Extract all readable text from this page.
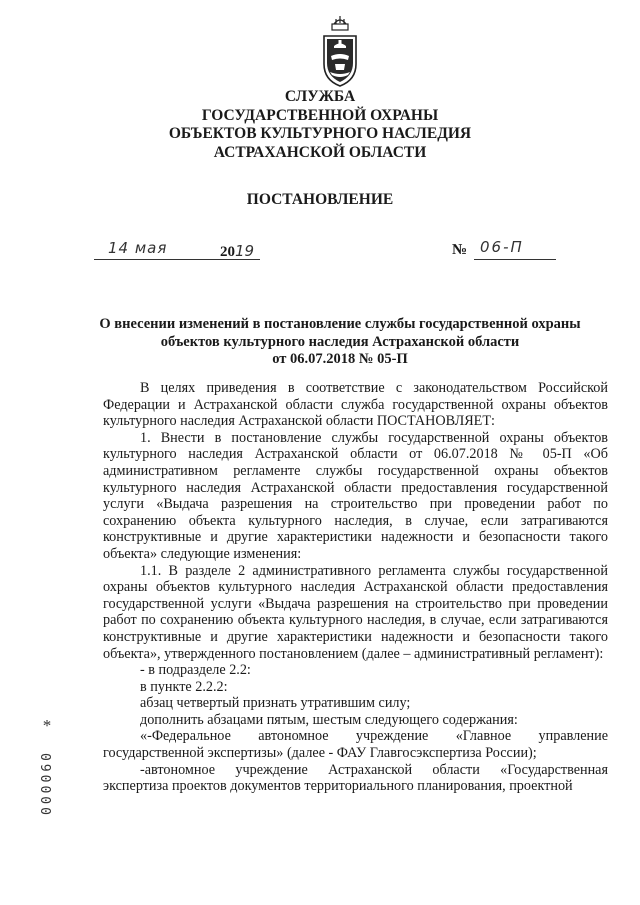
СЛУЖБА
ГОСУДАРСТВЕННОЙ ОХРАНЫ
ОБЪЕКТОВ КУЛЬТУРНОГО НАСЛЕДИЯ
АСТРАХАНСКОЙ ОБЛАСТИ
ПОСТАНОВЛЕНИЕ
14 мая	2019	№ 06-П
О внесении изменений в постановление службы государственной охраны
объектов культурного наследия Астраханской области
от 06.07.2018 № 05-П

В целях приведения в соответствие с законодательством Российской Федерации и Астраханской области служба государственной охраны объектов культурного наследия Астраханской области ПОСТАНОВЛЯЕТ:

1. Внести в постановление службы государственной охраны объектов культурного наследия Астраханской области от 06.07.2018 № 05-П «Об административном регламенте службы государственной охраны объектов культурного наследия Астраханской области предоставления государственной услуги «Выдача разрешения на строительство при проведении работ по сохранению объекта культурного наследия, в случае, если затрагиваются конструктивные и другие характеристики надежности и безопасности такого объекта» следующие изменения:

1.1. В разделе 2 административного регламента службы государственной охраны объектов культурного наследия Астраханской области предоставления государственной услуги «Выдача разрешения на строительство при проведении работ по сохранению объекта культурного наследия, в случае, если затрагиваются конструктивные и другие характеристики надежности и безопасности такого объекта», утвержденного постановлением (далее – административный регламент):

- в подразделе 2.2:

в пункте 2.2.2:

абзац четвертый признать утратившим силу;

дополнить абзацами пятым, шестым следующего содержания:

«-Федеральное автономное учреждение «Главное управление государственной экспертизы» (далее - ФАУ Главгосэкспертиза России);

-автономное учреждение Астраханской области «Государственная экспертиза проектов документов территориального планирования, проектной

*
000060
